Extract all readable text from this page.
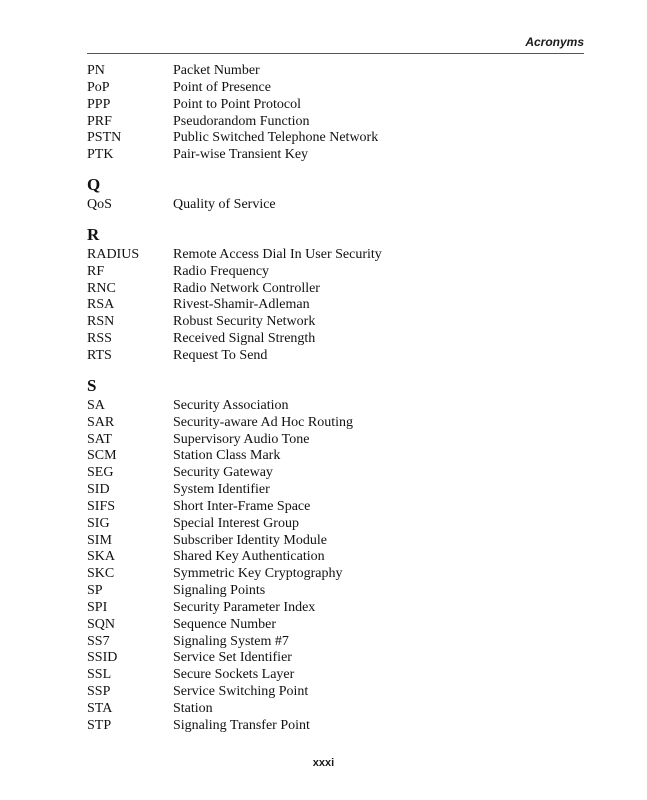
Acronyms
PN	Packet Number
PoP	Point of Presence
PPP	Point to Point Protocol
PRF	Pseudorandom Function
PSTN	Public Switched Telephone Network
PTK	Pair-wise Transient Key
Q
QoS	Quality of Service
R
RADIUS	Remote Access Dial In User Security
RF	Radio Frequency
RNC	Radio Network Controller
RSA	Rivest-Shamir-Adleman
RSN	Robust Security Network
RSS	Received Signal Strength
RTS	Request To Send
S
SA	Security Association
SAR	Security-aware Ad Hoc Routing
SAT	Supervisory Audio Tone
SCM	Station Class Mark
SEG	Security Gateway
SID	System Identifier
SIFS	Short Inter-Frame Space
SIG	Special Interest Group
SIM	Subscriber Identity Module
SKA	Shared Key Authentication
SKC	Symmetric Key Cryptography
SP	Signaling Points
SPI	Security Parameter Index
SQN	Sequence Number
SS7	Signaling System #7
SSID	Service Set Identifier
SSL	Secure Sockets Layer
SSP	Service Switching Point
STA	Station
STP	Signaling Transfer Point
xxxi
